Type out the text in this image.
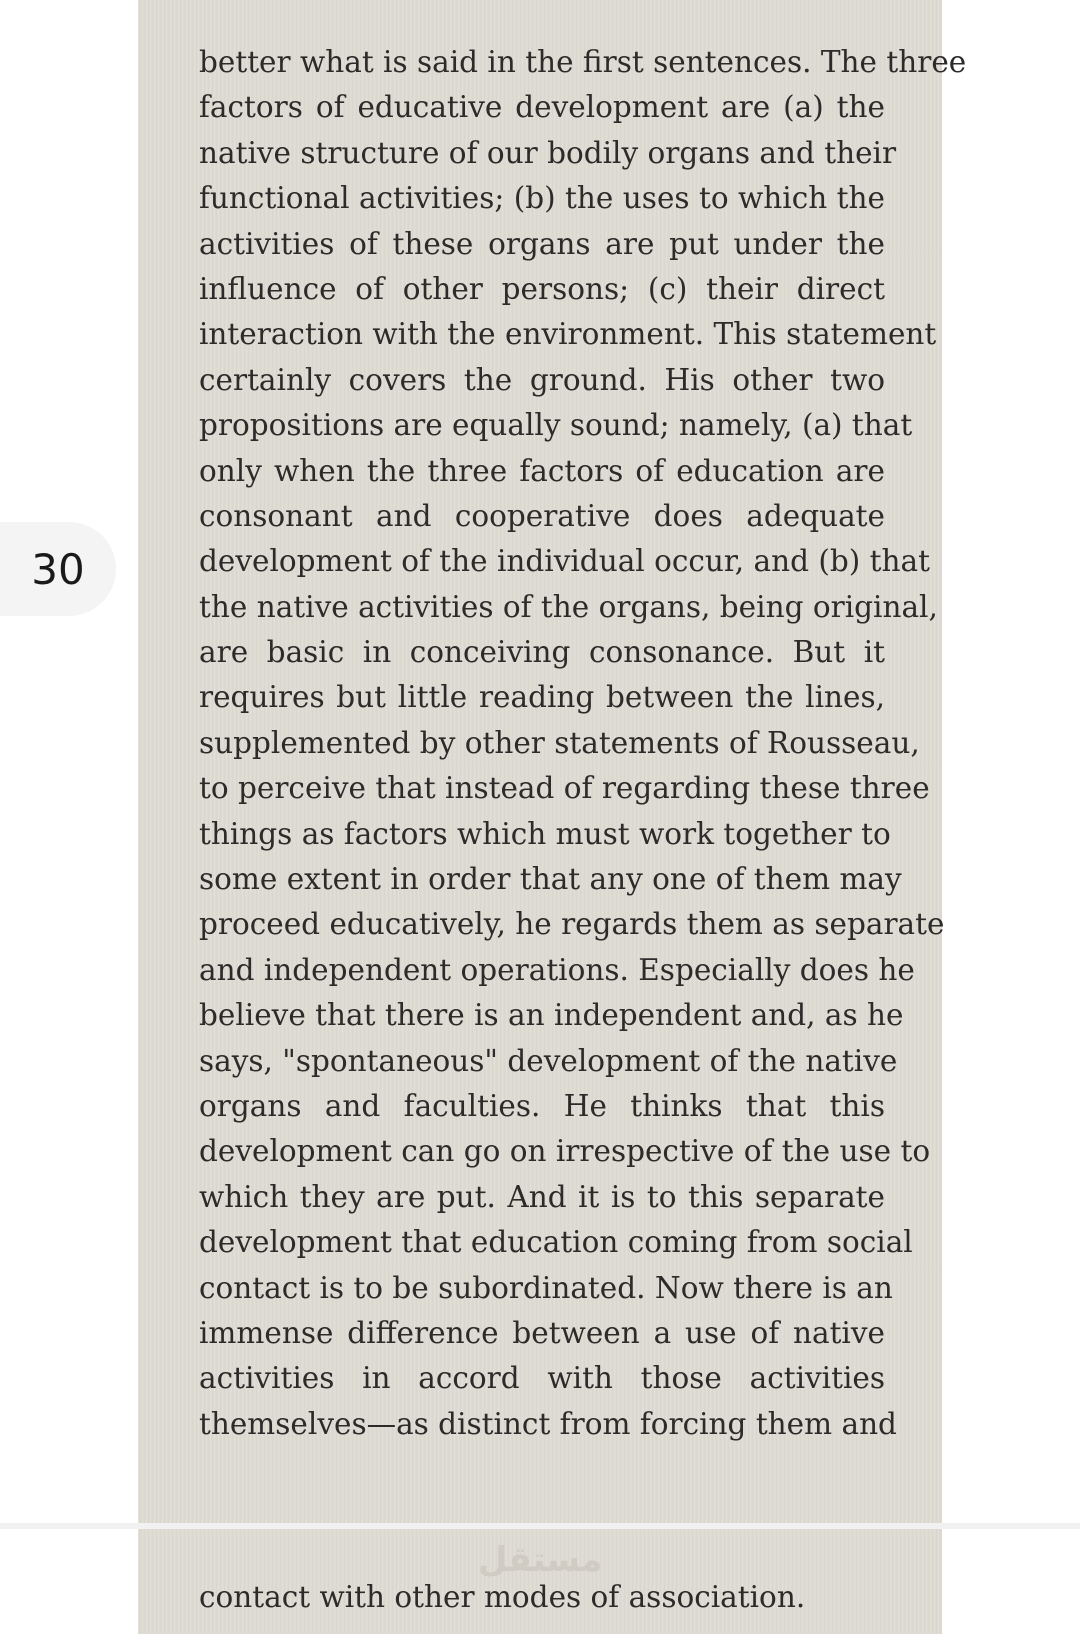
better what is said in the first sentences. The three
factors of educative development are (a) the
native structure of our bodily organs and their
functional activities; (b) the uses to which the
activities of these organs are put under the
influence of other persons; (c) their direct
interaction with the environment. This statement
certainly covers the ground. His other two
propositions are equally sound; namely, (a) that
only when the three factors of education are
consonant and cooperative does adequate
development of the individual occur, and (b) that
the native activities of the organs, being original,
are basic in conceiving consonance. But it
requires but little reading between the lines,
supplemented by other statements of Rousseau,
to perceive that instead of regarding these three
things as factors which must work together to
some extent in order that any one of them may
proceed educatively, he regards them as separate
and independent operations. Especially does he
believe that there is an independent and, as he
says, "spontaneous" development of the native
organs and faculties. He thinks that this
development can go on irrespective of the use to
which they are put. And it is to this separate
development that education coming from social
contact is to be subordinated. Now there is an
immense difference between a use of native
activities in accord with those activities
themselves—as distinct from forcing them and
30
مستقل
contact with other modes of association.
